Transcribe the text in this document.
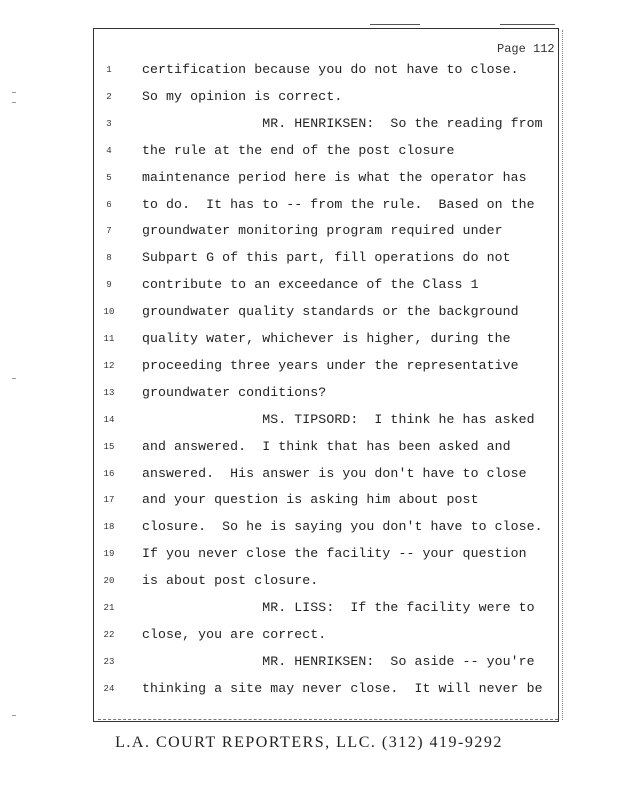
Page 112
1	certification because you do not have to close.
2	So my opinion is correct.
3	MR. HENRIKSEN:  So the reading from
4	the rule at the end of the post closure
5	maintenance period here is what the operator has
6	to do.  It has to -- from the rule.  Based on the
7	groundwater monitoring program required under
8	Subpart G of this part, fill operations do not
9	contribute to an exceedance of the Class 1
10 groundwater quality standards or the background
11 quality water, whichever is higher, during the
12 proceeding three years under the representative
13 groundwater conditions?
14 MS. TIPSORD:  I think he has asked
15 and answered.  I think that has been asked and
16 answered.  His answer is you don't have to close
17 and your question is asking him about post
18 closure.  So he is saying you don't have to close.
19 If you never close the facility -- your question
20 is about post closure.
21 MR. LISS:  If the facility were to
22 close, you are correct.
23 MR. HENRIKSEN:  So aside -- you're
24 thinking a site may never close.  It will never be
L.A. COURT REPORTERS, LLC. (312) 419-9292
